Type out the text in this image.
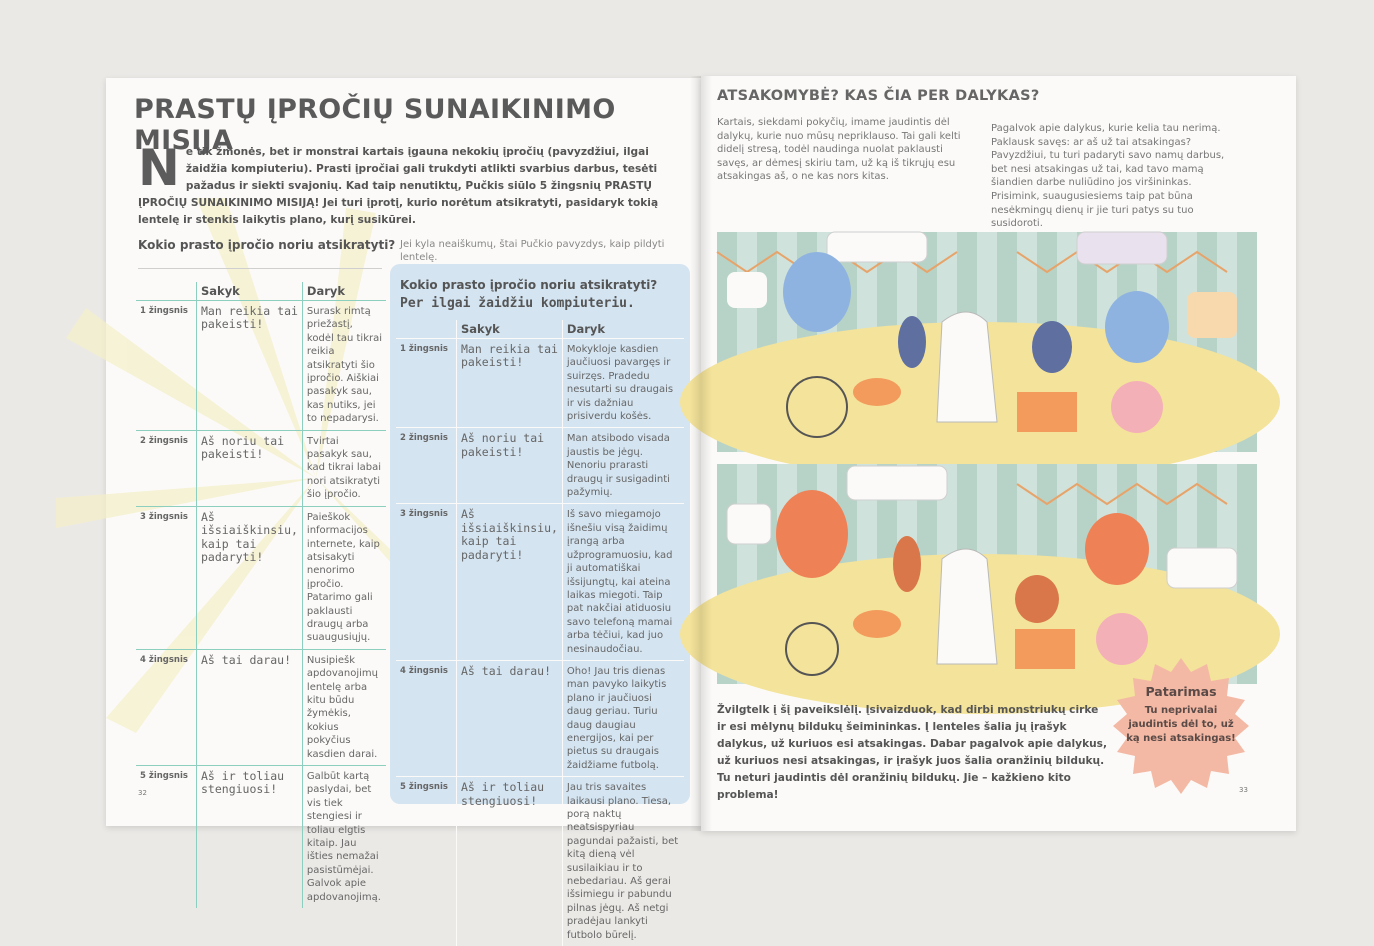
PRASTŲ ĮPROČIŲ SUNAIKINIMO MISIJA
Ne tik žmonės, bet ir monstrai kartais įgauna nekokių įpročių (pavyzdžiui, ilgai žaidžia kompiuteriu). Prasti įpročiai gali trukdyti atlikti svarbius darbus, tesėti pažadus ir siekti svajonių. Kad taip nenutiktų, Pučkis siūlo 5 žingsnių PRASTŲ ĮPROČIŲ SUNAIKINIMO MISIJĄ! Jei turi įprotį, kurio norėtum atsikratyti, pasidaryk tokią lentelę ir stenkis laikytis plano, kurį susikūrei.
Kokio prasto įpročio noriu atsikratyti? Jei kyla neaiškumų, štai Pučkio pavyzdys, kaip pildyti lentelę.
	Sakyk	Daryk
1 žingsnis	Man reikia tai pakeisti!	Surask rimtą priežastį, kodėl tau tikrai reikia atsikratyti šio įpročio. Aiškiai pasakyk sau, kas nutiks, jei to nepadarysi.
2 žingsnis	Aš noriu tai pakeisti!	Tvirtai pasakyk sau, kad tikrai labai nori atsikratyti šio įpročio.
3 žingsnis	Aš išsiaiškinsiu, kaip tai padaryti!	Paieškok informacijos internete, kaip atsisakyti nenorimo įpročio. Patarimo gali paklausti draugų arba suaugusiųjų.
4 žingsnis	Aš tai darau!	Nusipiešk apdovanojimų lentelę arba kitu būdu žymėkis, kokius pokyčius kasdien darai.
5 žingsnis	Aš ir toliau stengiuosi!	Galbūt kartą paslydai, bet vis tiek stengiesi ir toliau elgtis kitaip. Jau išties nemažai pasistūmėjai. Galvok apie apdovanojimą.
Kokio prasto įpročio noriu atsikratyti?
Per ilgai žaidžiu kompiuteriu.
	Sakyk	Daryk
1 žingsnis	Man reikia tai pakeisti!	Mokykloje kasdien jaučiuosi pavargęs ir suirzęs. Pradedu nesutarti su draugais ir vis dažniau prisiverdu košės.
2 žingsnis	Aš noriu tai pakeisti!	Man atsibodo visada jaustis be jėgų. Nenoriu prarasti draugų ir susigadinti pažymių.
3 žingsnis	Aš išsiaiškinsiu, kaip tai padaryti!	Iš savo miegamojo išnešiu visą žaidimų įrangą arba užprogramuosiu, kad ji automatiškai išsijungtų, kai ateina laikas miegoti. Taip pat nakčiai atiduosiu savo telefoną mamai arba tėčiui, kad juo nesinaudočiau.
4 žingsnis	Aš tai darau!	Oho! Jau tris dienas man pavyko laikytis plano ir jaučiuosi daug geriau. Turiu daug daugiau energijos, kai per pietus su draugais žaidžiame futbolą.
5 žingsnis	Aš ir toliau stengiuosi!	Jau tris savaites laikausi plano. Tiesa, porą naktų neatsispyriau pagundai pažaisti, bet kitą dieną vėl susilaikiau ir to nebedariau. Aš gerai išsimiegu ir pabundu pilnas jėgų. Aš netgi pradėjau lankyti futbolo būrelį.
32
ATSAKOMYBĖ? KAS ČIA PER DALYKAS?
Kartais, siekdami pokyčių, imame jaudintis dėl dalykų, kurie nuo mūsų nepriklauso. Tai gali kelti didelį stresą, todėl naudinga nuolat paklausti savęs, ar dėmesį skiriu tam, už ką iš tikrųjų esu atsakingas aš, o ne kas nors kitas.
Pagalvok apie dalykus, kurie kelia tau nerimą. Paklausk savęs: ar aš už tai atsakingas? Pavyzdžiui, tu turi padaryti savo namų darbus, bet nesi atsakingas už tai, kad tavo mamą šiandien darbe nuliūdino jos viršininkas. Prisimink, suaugusiesiems taip pat būna nesėkmingų dienų ir jie turi patys su tuo susidoroti.
Žvilgtelk į šį paveikslėlį. Įsivaizduok, kad dirbi monstriukų cirke ir esi mėlynų bildukų šeimininkas. Į lenteles šalia jų įrašyk dalykus, už kuriuos esi atsakingas. Dabar pagalvok apie dalykus, už kuriuos nesi atsakingas, ir įrašyk juos šalia oranžinių bildukų. Tu neturi jaudintis dėl oranžinių bildukų. Jie – kažkieno kito problema!
Patarimas
Tu neprivalai jaudintis dėl to, už ką nesi atsakingas!
33
